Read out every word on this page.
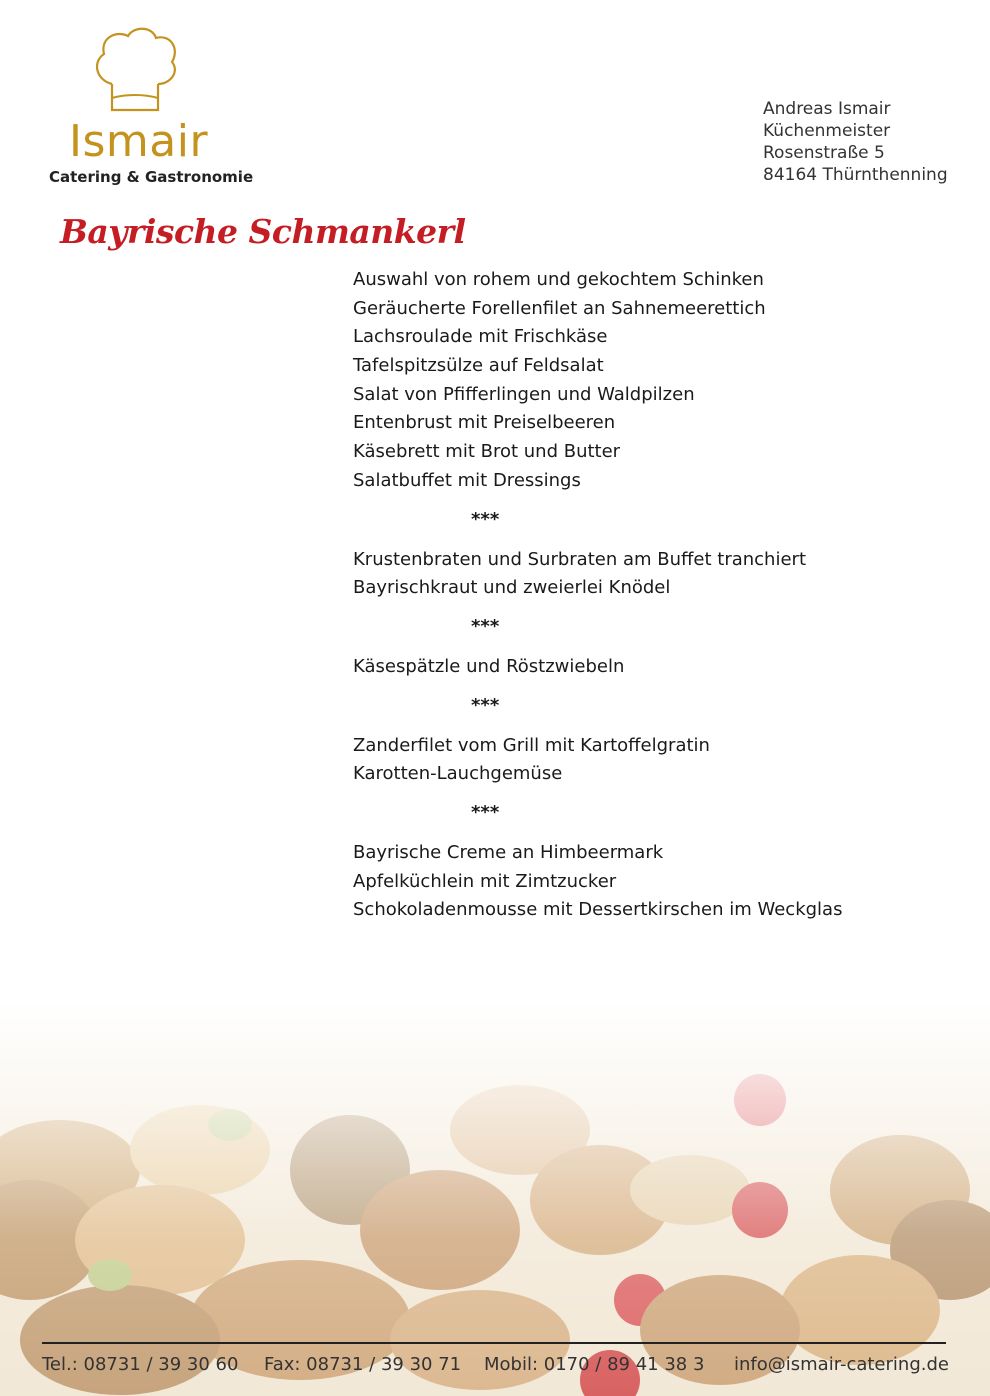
Ismair
Catering & Gastronomie
Andreas Ismair
Küchenmeister
Rosenstraße 5
84164 Thürnthenning
Bayrische Schmankerl
Auswahl von rohem und gekochtem Schinken
Geräucherte Forellenfilet an Sahnemeerettich
Lachsroulade mit Frischkäse
Tafelspitzsülze auf Feldsalat
Salat von Pfifferlingen und Waldpilzen
Entenbrust mit Preiselbeeren
Käsebrett mit Brot und Butter
Salatbuffet mit Dressings
***
Krustenbraten und Surbraten am Buffet tranchiert
Bayrischkraut und zweierlei Knödel
***
Käsespätzle und Röstzwiebeln
***
Zanderfilet vom Grill mit Kartoffelgratin
Karotten-Lauchgemüse
***
Bayrische Creme an Himbeermark
Apfelküchlein mit Zimtzucker
Schokoladenmousse mit Dessertkirschen im Weckglas
Tel.: 08731 / 39 30 60 Fax: 08731 / 39 30 71 Mobil: 0170 / 89 41 38 3 info@ismair-catering.de
